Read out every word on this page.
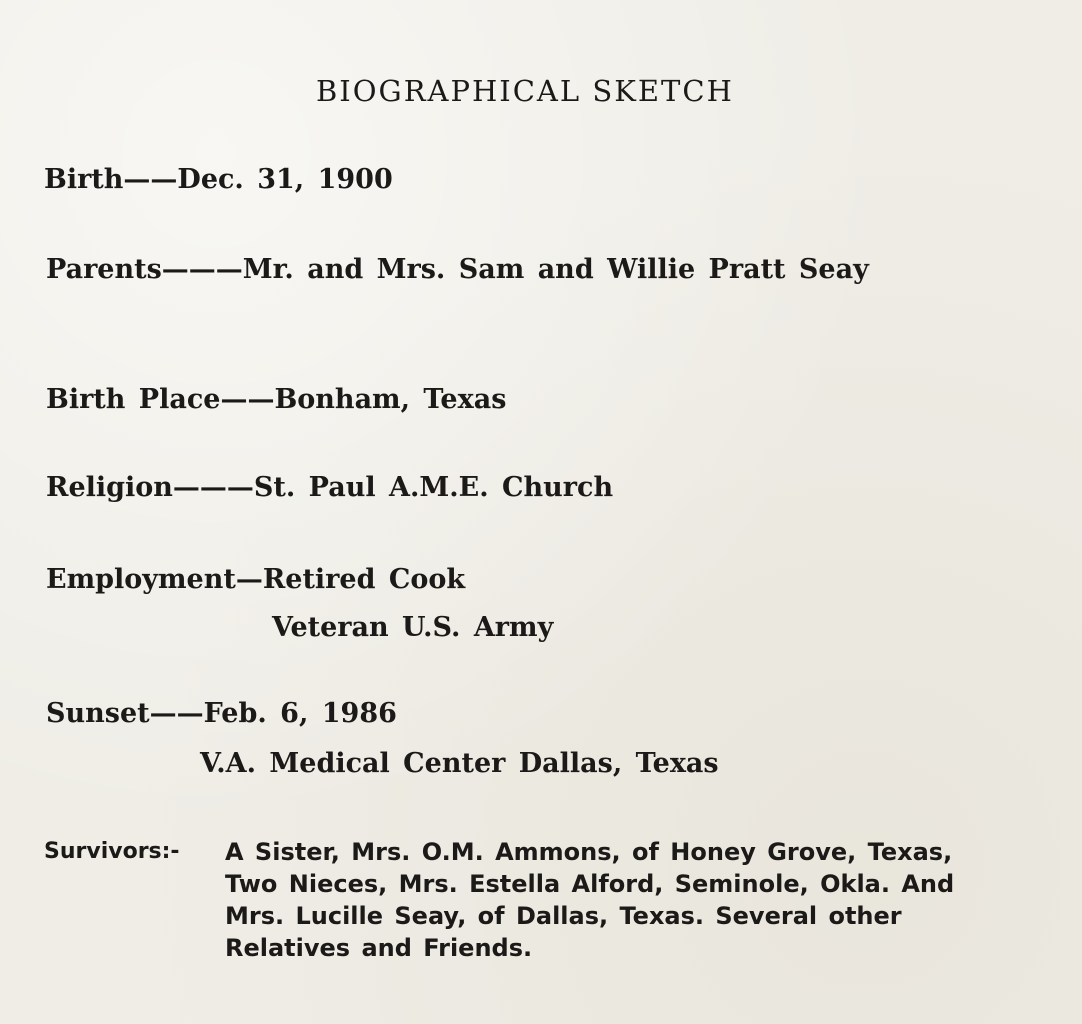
BIOGRAPHICAL SKETCH
Birth——Dec. 31, 1900
Parents———Mr. and Mrs. Sam and Willie Pratt Seay
Birth Place——Bonham, Texas
Religion———St. Paul A.M.E. Church
Employment—Retired Cook
Veteran U.S. Army
Sunset——Feb. 6, 1986
V.A. Medical Center Dallas, Texas
Survivors:- A Sister, Mrs. O.M. Ammons, of Honey Grove, Texas,
Two Nieces, Mrs. Estella Alford, Seminole, Okla. And
Mrs. Lucille Seay, of Dallas, Texas. Several other
Relatives and Friends.
